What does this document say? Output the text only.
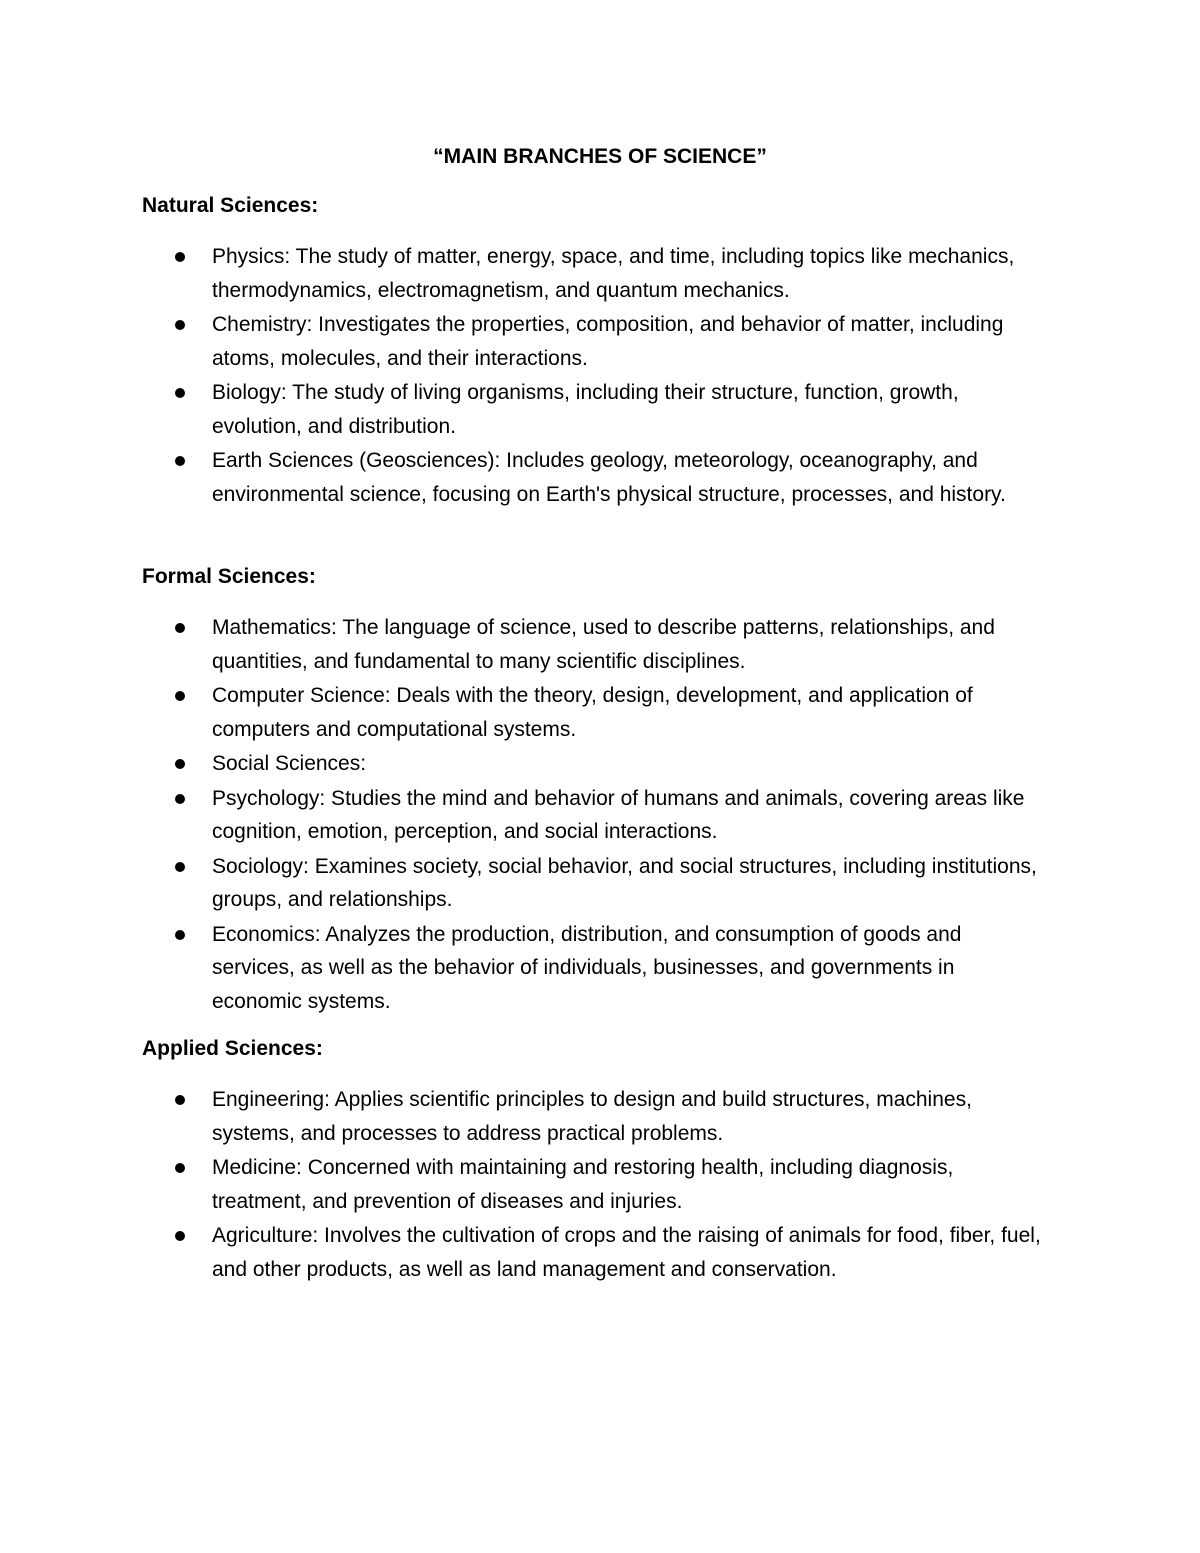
“MAIN BRANCHES OF SCIENCE”
Natural Sciences:
Physics: The study of matter, energy, space, and time, including topics like mechanics, thermodynamics, electromagnetism, and quantum mechanics.
Chemistry: Investigates the properties, composition, and behavior of matter, including atoms, molecules, and their interactions.
Biology: The study of living organisms, including their structure, function, growth, evolution, and distribution.
Earth Sciences (Geosciences): Includes geology, meteorology, oceanography, and environmental science, focusing on Earth's physical structure, processes, and history.
Formal Sciences:
Mathematics: The language of science, used to describe patterns, relationships, and quantities, and fundamental to many scientific disciplines.
Computer Science: Deals with the theory, design, development, and application of computers and computational systems.
Social Sciences:
Psychology: Studies the mind and behavior of humans and animals, covering areas like cognition, emotion, perception, and social interactions.
Sociology: Examines society, social behavior, and social structures, including institutions, groups, and relationships.
Economics: Analyzes the production, distribution, and consumption of goods and services, as well as the behavior of individuals, businesses, and governments in economic systems.
Applied Sciences:
Engineering: Applies scientific principles to design and build structures, machines, systems, and processes to address practical problems.
Medicine: Concerned with maintaining and restoring health, including diagnosis, treatment, and prevention of diseases and injuries.
Agriculture: Involves the cultivation of crops and the raising of animals for food, fiber, fuel, and other products, as well as land management and conservation.
